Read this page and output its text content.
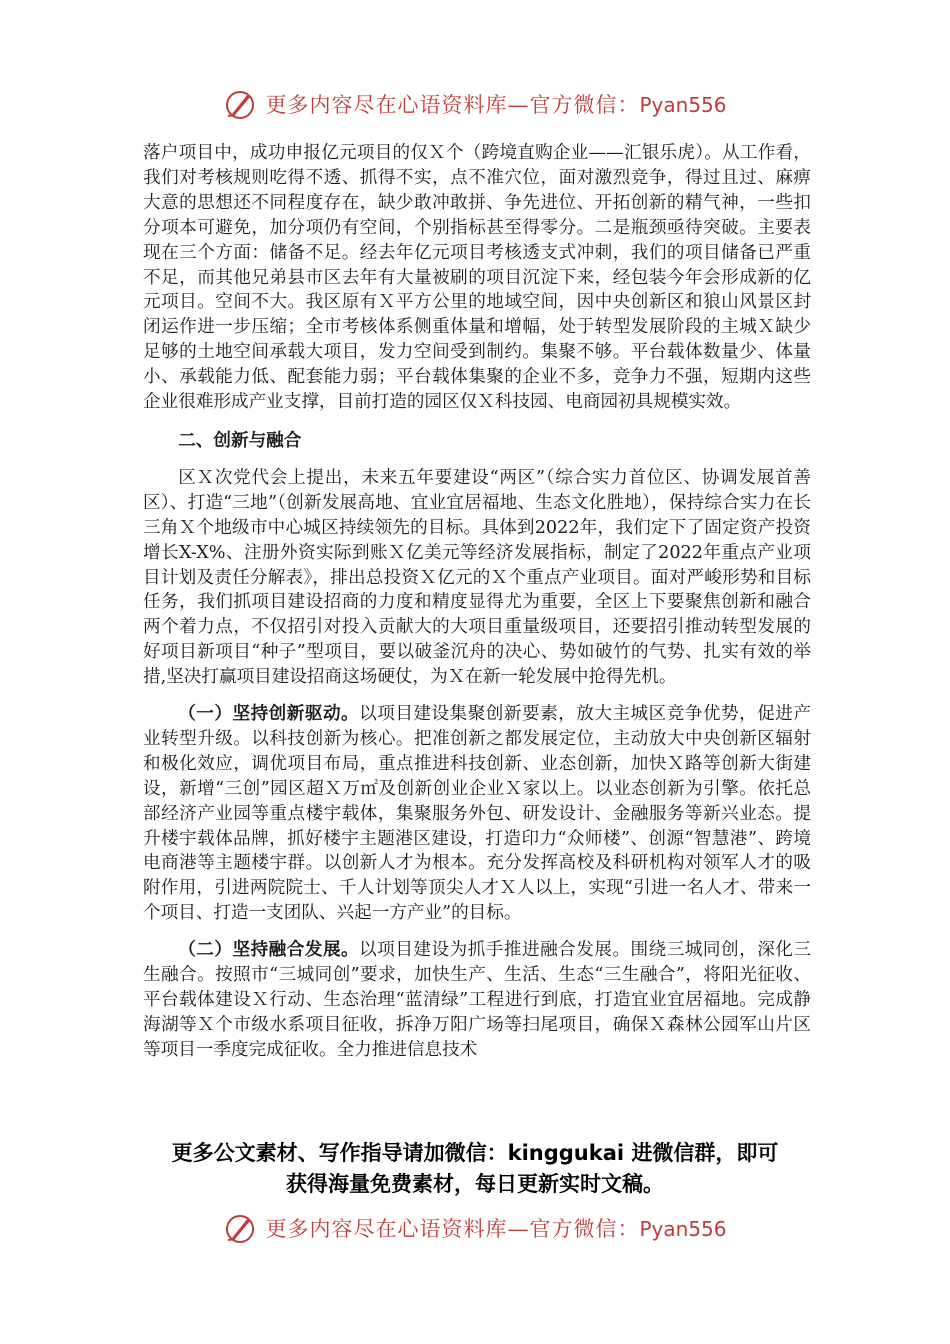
更多内容尽在心语资料库—官方微信：Pyan556

落户项目中，成功申报亿元项目的仅Ｘ个（跨境直购企业——汇银乐虎）。从工作看，我们对考核规则吃得不透、抓得不实，点不准穴位，面对激烈竞争，得过且过、麻痹大意的思想还不同程度存在，缺少敢冲敢拼、争先进位、开拓创新的精气神，一些扣分项本可避免，加分项仍有空间，个别指标甚至得零分。二是瓶颈亟待突破。主要表现在三个方面：储备不足。经去年亿元项目考核透支式冲刺，我们的项目储备已严重不足，而其他兄弟县市区去年有大量被刷的项目沉淀下来，经包装今年会形成新的亿元项目。空间不大。我区原有Ｘ平方公里的地域空间，因中央创新区和狼山风景区封闭运作进一步压缩；全市考核体系侧重体量和增幅，处于转型发展阶段的主城Ｘ缺少足够的土地空间承载大项目，发力空间受到制约。集聚不够。平台载体数量少、体量小、承载能力低、配套能力弱；平台载体集聚的企业不多，竞争力不强，短期内这些企业很难形成产业支撑，目前打造的园区仅Ｘ科技园、电商园初具规模实效。

二、创新与融合

区Ｘ次党代会上提出，未来五年要建设“两区”（综合实力首位区、协调发展首善区）、打造“三地”（创新发展高地、宜业宜居福地、生态文化胜地），保持综合实力在长三角Ｘ个地级市中心城区持续领先的目标。具体到2022年，我们定下了固定资产投资增长X-X%、注册外资实际到账Ｘ亿美元等经济发展指标，制定了2022年重点产业项目计划及责任分解表》，排出总投资Ｘ亿元的Ｘ个重点产业项目。面对严峻形势和目标任务，我们抓项目建设招商的力度和精度显得尤为重要，全区上下要聚焦创新和融合两个着力点，不仅招引对投入贡献大的大项目重量级项目，还要招引推动转型发展的好项目新项目“种子”型项目，要以破釜沉舟的决心、势如破竹的气势、扎实有效的举措,坚决打赢项目建设招商这场硬仗，为Ｘ在新一轮发展中抢得先机。

（一）坚持创新驱动。以项目建设集聚创新要素，放大主城区竞争优势，促进产业转型升级。以科技创新为核心。把准创新之都发展定位，主动放大中央创新区辐射和极化效应，调优项目布局，重点推进科技创新、业态创新，加快Ｘ路等创新大街建设，新增“三创”园区超Ｘ万㎡及创新创业企业Ｘ家以上。以业态创新为引擎。依托总部经济产业园等重点楼宇载体，集聚服务外包、研发设计、金融服务等新兴业态。提升楼宇载体品牌，抓好楼宇主题港区建设，打造印力“众师楼”、创源“智慧港”、跨境电商港等主题楼宇群。以创新人才为根本。充分发挥高校及科研机构对领军人才的吸附作用，引进两院院士、千人计划等顶尖人才Ｘ人以上，实现“引进一名人才、带来一个项目、打造一支团队、兴起一方产业”的目标。

（二）坚持融合发展。以项目建设为抓手推进融合发展。围绕三城同创，深化三生融合。按照市“三城同创”要求，加快生产、生活、生态“三生融合”，将阳光征收、平台载体建设Ｘ行动、生态治理“蓝清绿”工程进行到底，打造宜业宜居福地。完成静海湖等Ｘ个市级水系项目征收，拆净万阳广场等扫尾项目，确保Ｘ森林公园军山片区等项目一季度完成征收。全力推进信息技术

更多公文素材、写作指导请加微信：kinggukai 进微信群，即可
获得海量免费素材，每日更新实时文稿。
更多内容尽在心语资料库—官方微信：Pyan556
